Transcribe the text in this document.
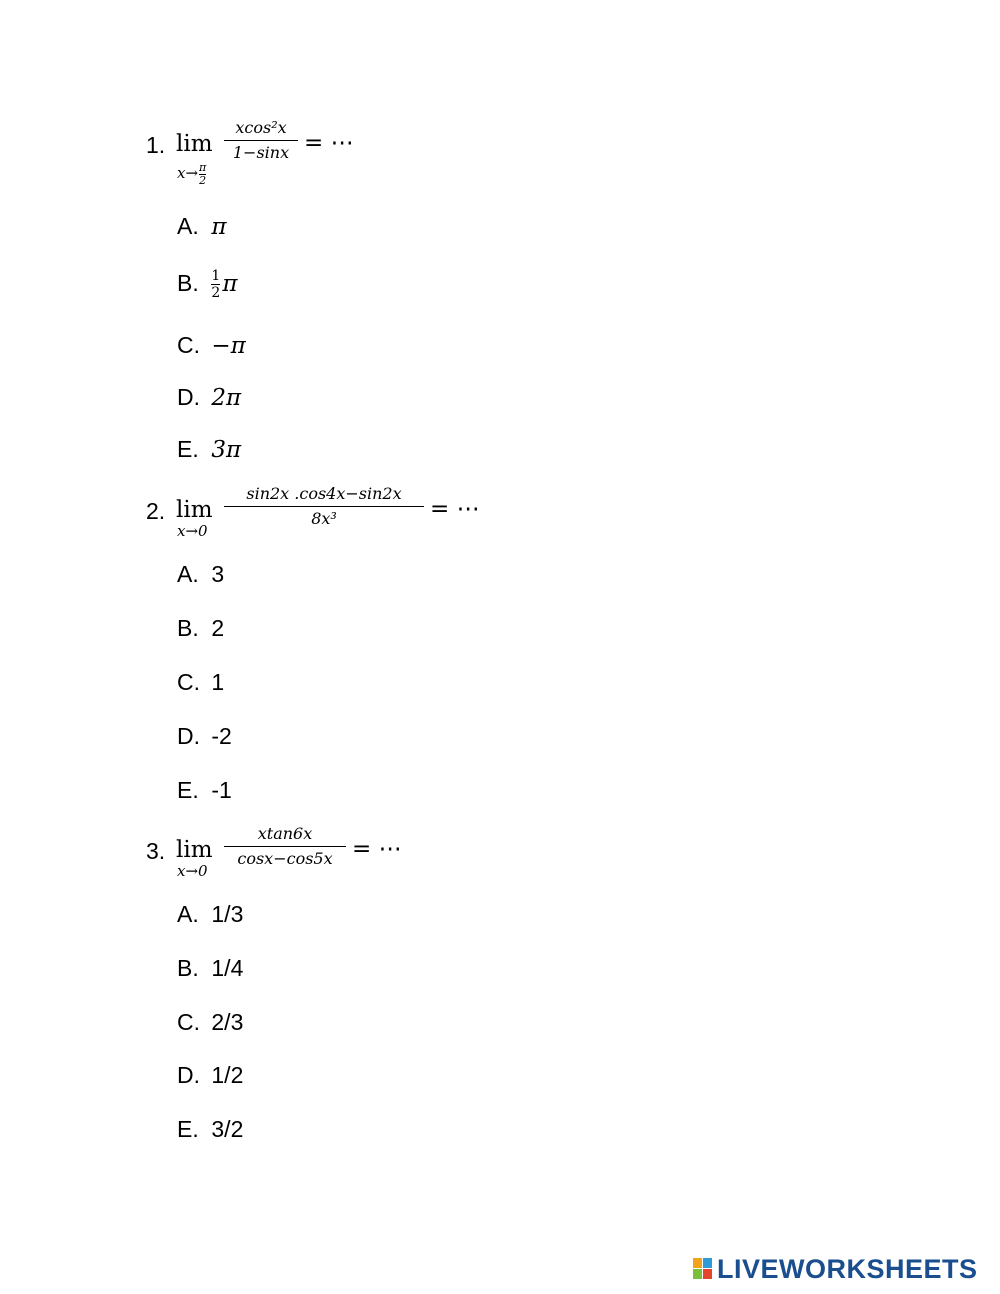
1. lim
$x\to \frac{\pi}{2}$
xcos²x
1−sinx = ⋯
A. π
B. $\frac{1}{2}$ π
C. −π
D. 2π
E. 3π
2. lim
x→0
sin2x .cos4x−sin2x
8x³	= ⋯
A. 3
B. 2
C. 1
D. -2
E. -1
3. lim
x→0
xtan6x
cosx−cos5x = ⋯
A. 1/3
B. 1/4
C. 2/3
D. 1/2
E. 3/2
LIVEWORKSHEETS
